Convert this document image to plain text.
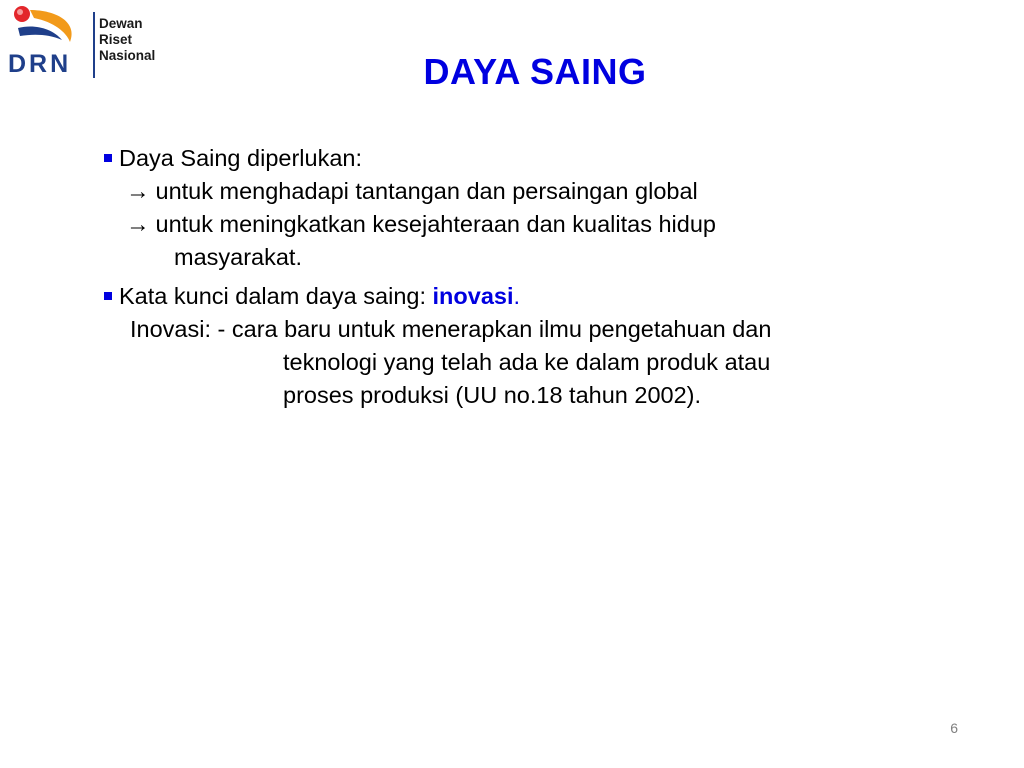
DRN
Dewan
Riset
Nasional	DAYA SAING
Daya Saing diperlukan:
→ untuk menghadapi tantangan dan persaingan global
→ untuk meningkatkan kesejahteraan dan kualitas hidup
masyarakat.
Kata kunci dalam daya saing: inovasi.
Inovasi: - cara baru untuk menerapkan ilmu pengetahuan dan
teknologi yang telah ada ke dalam produk atau
proses produksi (UU no.18 tahun 2002).
6
